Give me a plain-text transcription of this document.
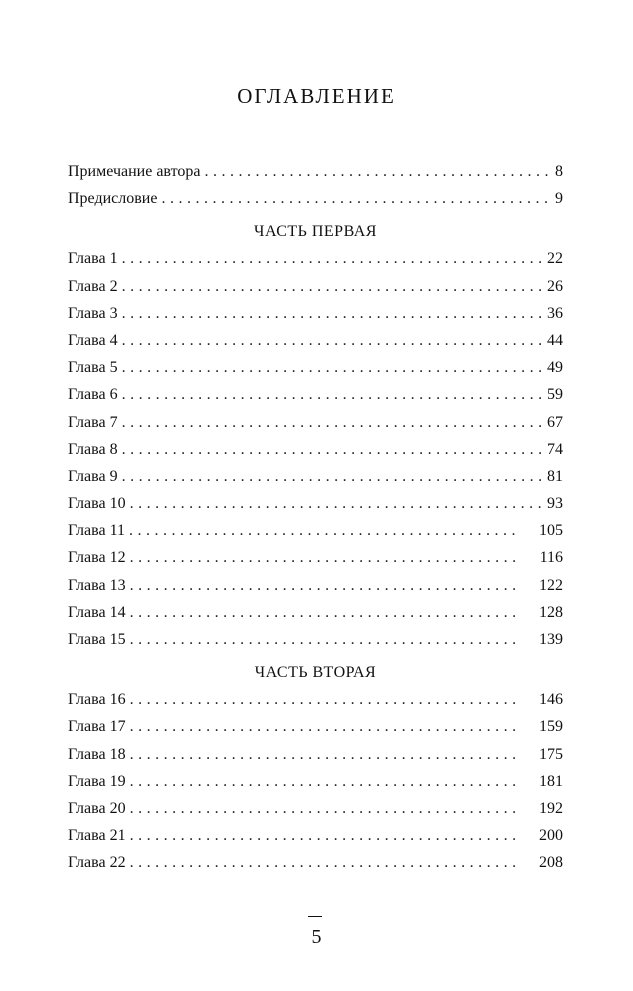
ОГЛАВЛЕНИЕ
Примечание автора . . .	8
Предисловие . . .	9
ЧАСТЬ ПЕРВАЯ
Глава 1 . . .	22
Глава 2 . . .	26
Глава 3 . . .	36
Глава 4 . . .	44
Глава 5 . . .	49
Глава 6 . . .	59
Глава 7 . . .	67
Глава 8 . . .	74
Глава 9 . . .	81
Глава 10 . . .	93
Глава 11 . . .	105
Глава 12 . . .	116
Глава 13 . . .	122
Глава 14 . . .	128
Глава 15 . . .	139
ЧАСТЬ ВТОРАЯ
Глава 16 . . .	146
Глава 17 . . .	159
Глава 18 . . .	175
Глава 19 . . .	181
Глава 20 . . .	192
Глава 21 . . .	200
Глава 22 . . .	208
5
